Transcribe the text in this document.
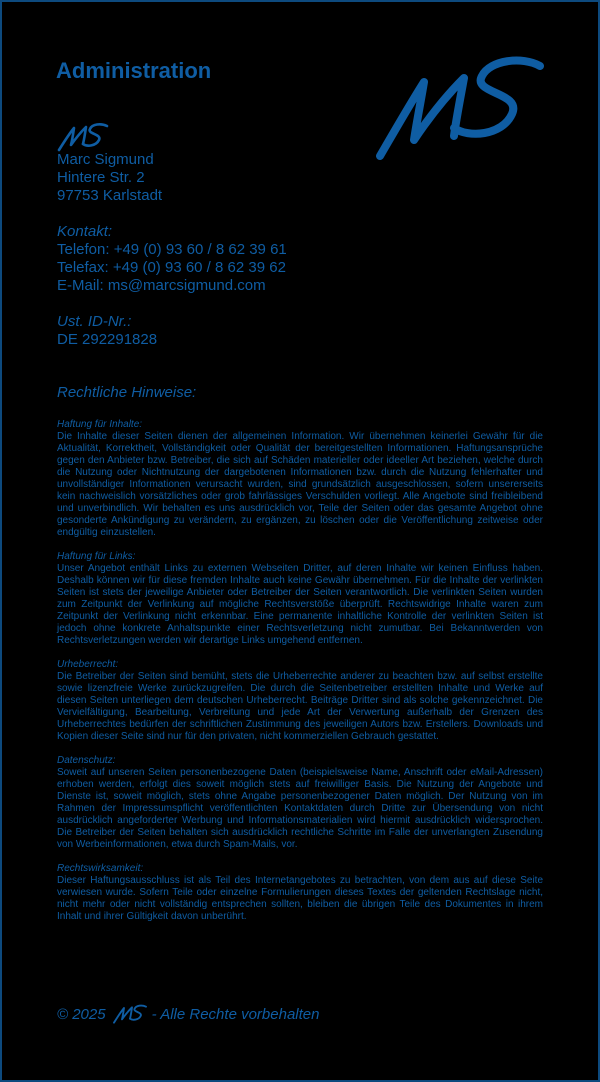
Administration
Marc Sigmund
Hintere Str. 2
97753 Karlstadt
Kontakt:
Telefon: +49 (0) 93 60 / 8 62 39 61
Telefax: +49 (0) 93 60 / 8 62 39 62
E-Mail: ms@marcsigmund.com
Ust. ID-Nr.:
DE 292291828
Rechtliche Hinweise:
Haftung für Inhalte:
Die Inhalte dieser Seiten dienen der allgemeinen Information. Wir übernehmen keinerlei Gewähr für die Aktualität, Korrektheit, Vollständigkeit oder Qualität der bereitgestellten Informationen. Haftungsansprüche gegen den Anbieter bzw. Betreiber, die sich auf Schäden materieller oder ideeller Art beziehen, welche durch die Nutzung oder Nichtnutzung der dargebotenen Informationen bzw. durch die Nutzung fehlerhafter und unvollständiger Informationen verursacht wurden, sind grundsätzlich ausgeschlossen, sofern unsererseits kein nachweislich vorsätzliches oder grob fahrlässiges Verschulden vorliegt. Alle Angebote sind freibleibend und unverbindlich. Wir behalten es uns ausdrücklich vor, Teile der Seiten oder das gesamte Angebot ohne gesonderte Ankündigung zu verändern, zu ergänzen, zu löschen oder die Veröffentlichung zeitweise oder endgültig einzustellen.
Haftung für Links:
Unser Angebot enthält Links zu externen Webseiten Dritter, auf deren Inhalte wir keinen Einfluss haben. Deshalb können wir für diese fremden Inhalte auch keine Gewähr übernehmen. Für die Inhalte der verlinkten Seiten ist stets der jeweilige Anbieter oder Betreiber der Seiten verantwortlich. Die verlinkten Seiten wurden zum Zeitpunkt der Verlinkung auf mögliche Rechtsverstöße überprüft. Rechtswidrige Inhalte waren zum Zeitpunkt der Verlinkung nicht erkennbar. Eine permanente inhaltliche Kontrolle der verlinkten Seiten ist jedoch ohne konkrete Anhaltspunkte einer Rechtsverletzung nicht zumutbar. Bei Bekanntwerden von Rechtsverletzungen werden wir derartige Links umgehend entfernen.
Urheberrecht:
Die Betreiber der Seiten sind bemüht, stets die Urheberrechte anderer zu beachten bzw. auf selbst erstellte sowie lizenzfreie Werke zurückzugreifen. Die durch die Seitenbetreiber erstellten Inhalte und Werke auf diesen Seiten unterliegen dem deutschen Urheberrecht. Beiträge Dritter sind als solche gekennzeichnet. Die Vervielfältigung, Bearbeitung, Verbreitung und jede Art der Verwertung außerhalb der Grenzen des Urheberrechtes bedürfen der schriftlichen Zustimmung des jeweiligen Autors bzw. Erstellers. Downloads und Kopien dieser Seite sind nur für den privaten, nicht kommerziellen Gebrauch gestattet.
Datenschutz:
Soweit auf unseren Seiten personenbezogene Daten (beispielsweise Name, Anschrift oder eMail-Adressen) erhoben werden, erfolgt dies soweit möglich stets auf freiwilliger Basis. Die Nutzung der Angebote und Dienste ist, soweit möglich, stets ohne Angabe personenbezogener Daten möglich. Der Nutzung von im Rahmen der Impressumspflicht veröffentlichten Kontaktdaten durch Dritte zur Übersendung von nicht ausdrücklich angeforderter Werbung und Informationsmaterialien wird hiermit ausdrücklich widersprochen. Die Betreiber der Seiten behalten sich ausdrücklich rechtliche Schritte im Falle der unverlangten Zusendung von Werbeinformationen, etwa durch Spam-Mails, vor.
Rechtswirksamkeit:
Dieser Haftungsausschluss ist als Teil des Internetangebotes zu betrachten, von dem aus auf diese Seite verwiesen wurde. Sofern Teile oder einzelne Formulierungen dieses Textes der geltenden Rechtslage nicht, nicht mehr oder nicht vollständig entsprechen sollten, bleiben die übrigen Teile des Dokumentes in ihrem Inhalt und ihrer Gültigkeit davon unberührt.
© 2025	- Alle Rechte vorbehalten
